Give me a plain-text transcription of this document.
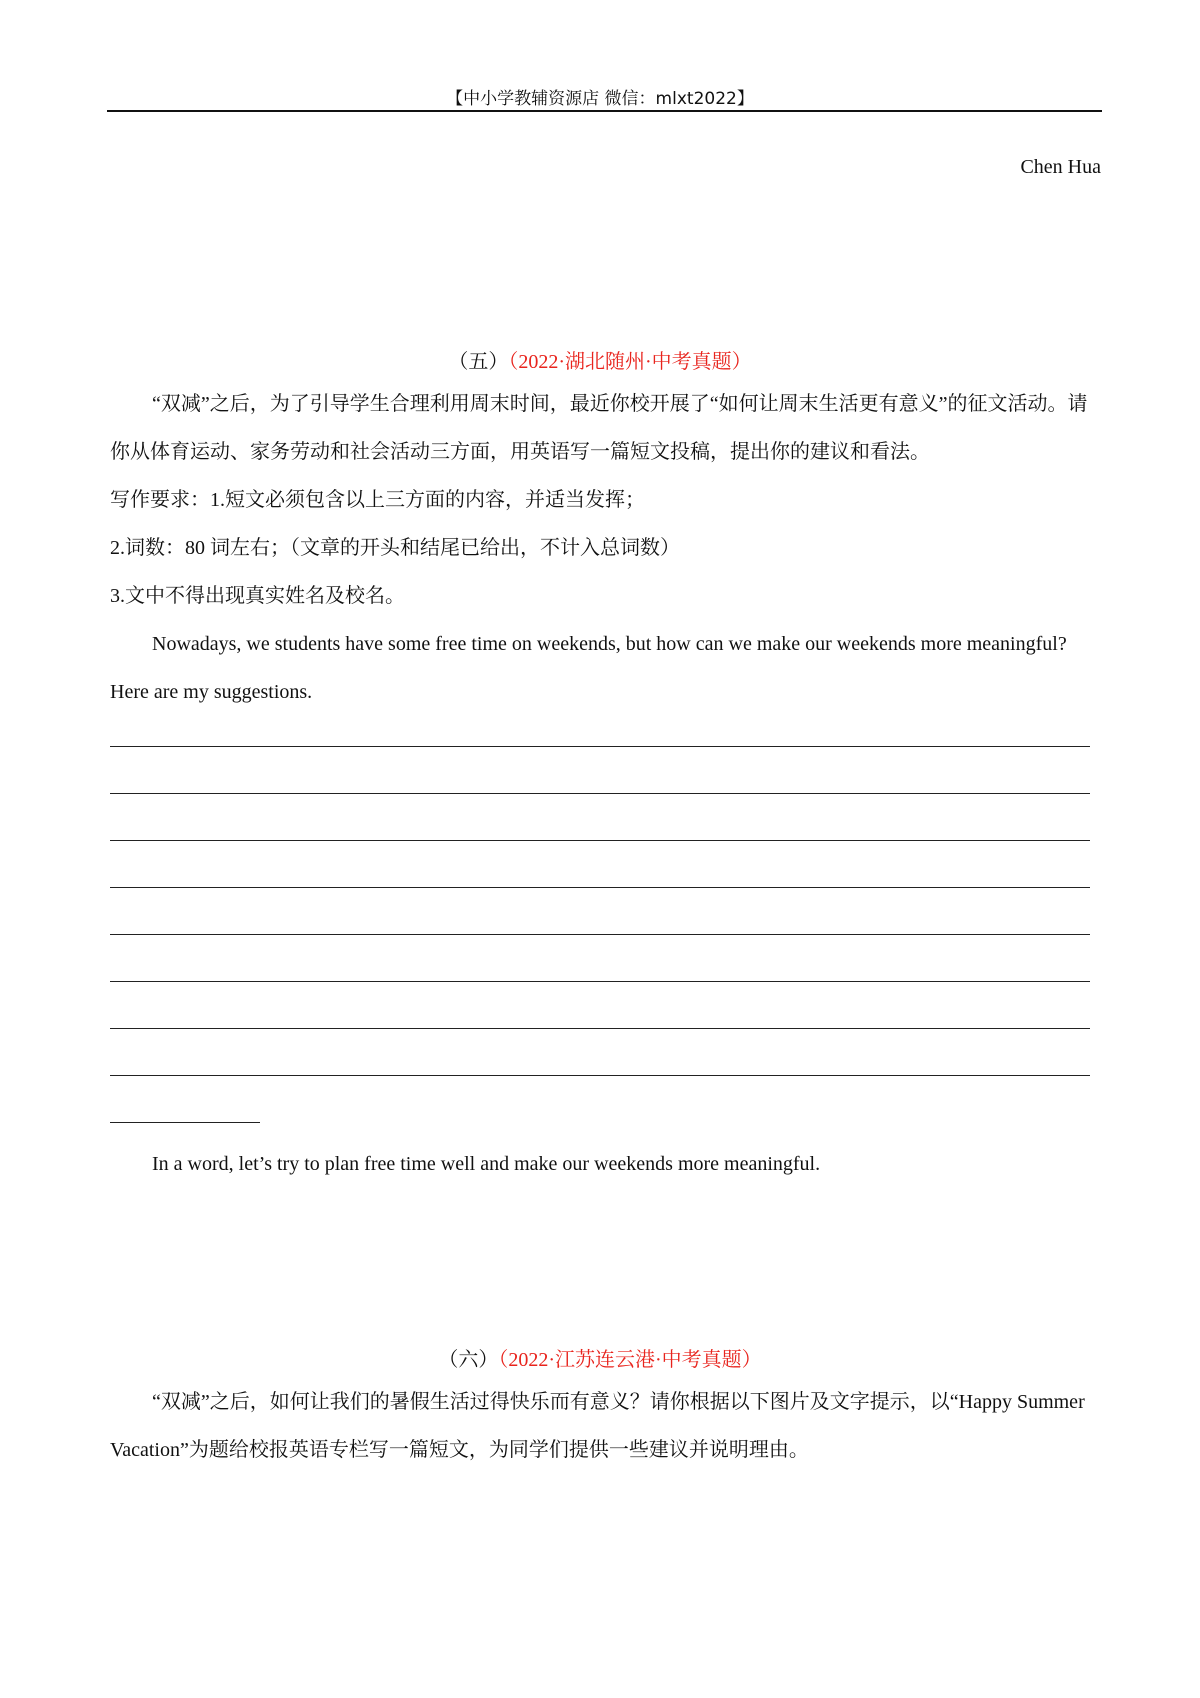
【中小学教辅资源店 微信：mlxt2022】
Chen Hua
（五）（2022·湖北随州·中考真题）
“双减”之后，为了引导学生合理利用周末时间，最近你校开展了“如何让周末生活更有意义”的征文活动。请你从体育运动、家务劳动和社会活动三方面，用英语写一篇短文投稿，提出你的建议和看法。
写作要求：1.短文必须包含以上三方面的内容，并适当发挥；
2.词数：80 词左右；（文章的开头和结尾已给出，不计入总词数）
3.文中不得出现真实姓名及校名。
Nowadays, we students have some free time on weekends, but how can we make our weekends more meaningful? Here are my suggestions.
In a word, let’s try to plan free time well and make our weekends more meaningful.
（六）（2022·江苏连云港·中考真题）
“双减”之后，如何让我们的暑假生活过得快乐而有意义？请你根据以下图片及文字提示，以“Happy Summer Vacation”为题给校报英语专栏写一篇短文，为同学们提供一些建议并说明理由。
